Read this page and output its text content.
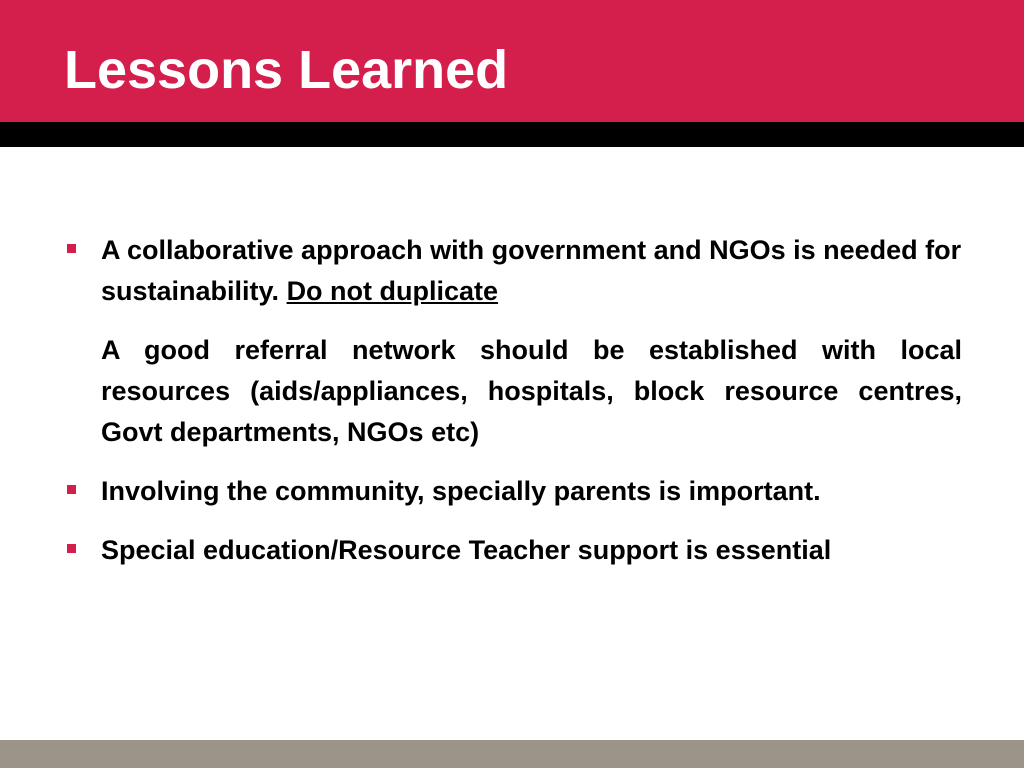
Lessons Learned
A collaborative approach with government and NGOs is needed for sustainability. Do not duplicate

A good referral network should be established with local resources (aids/appliances, hospitals, block resource centres, Govt departments, NGOs etc)

Involving the community, specially parents is important.
Special education/Resource Teacher support is essential
